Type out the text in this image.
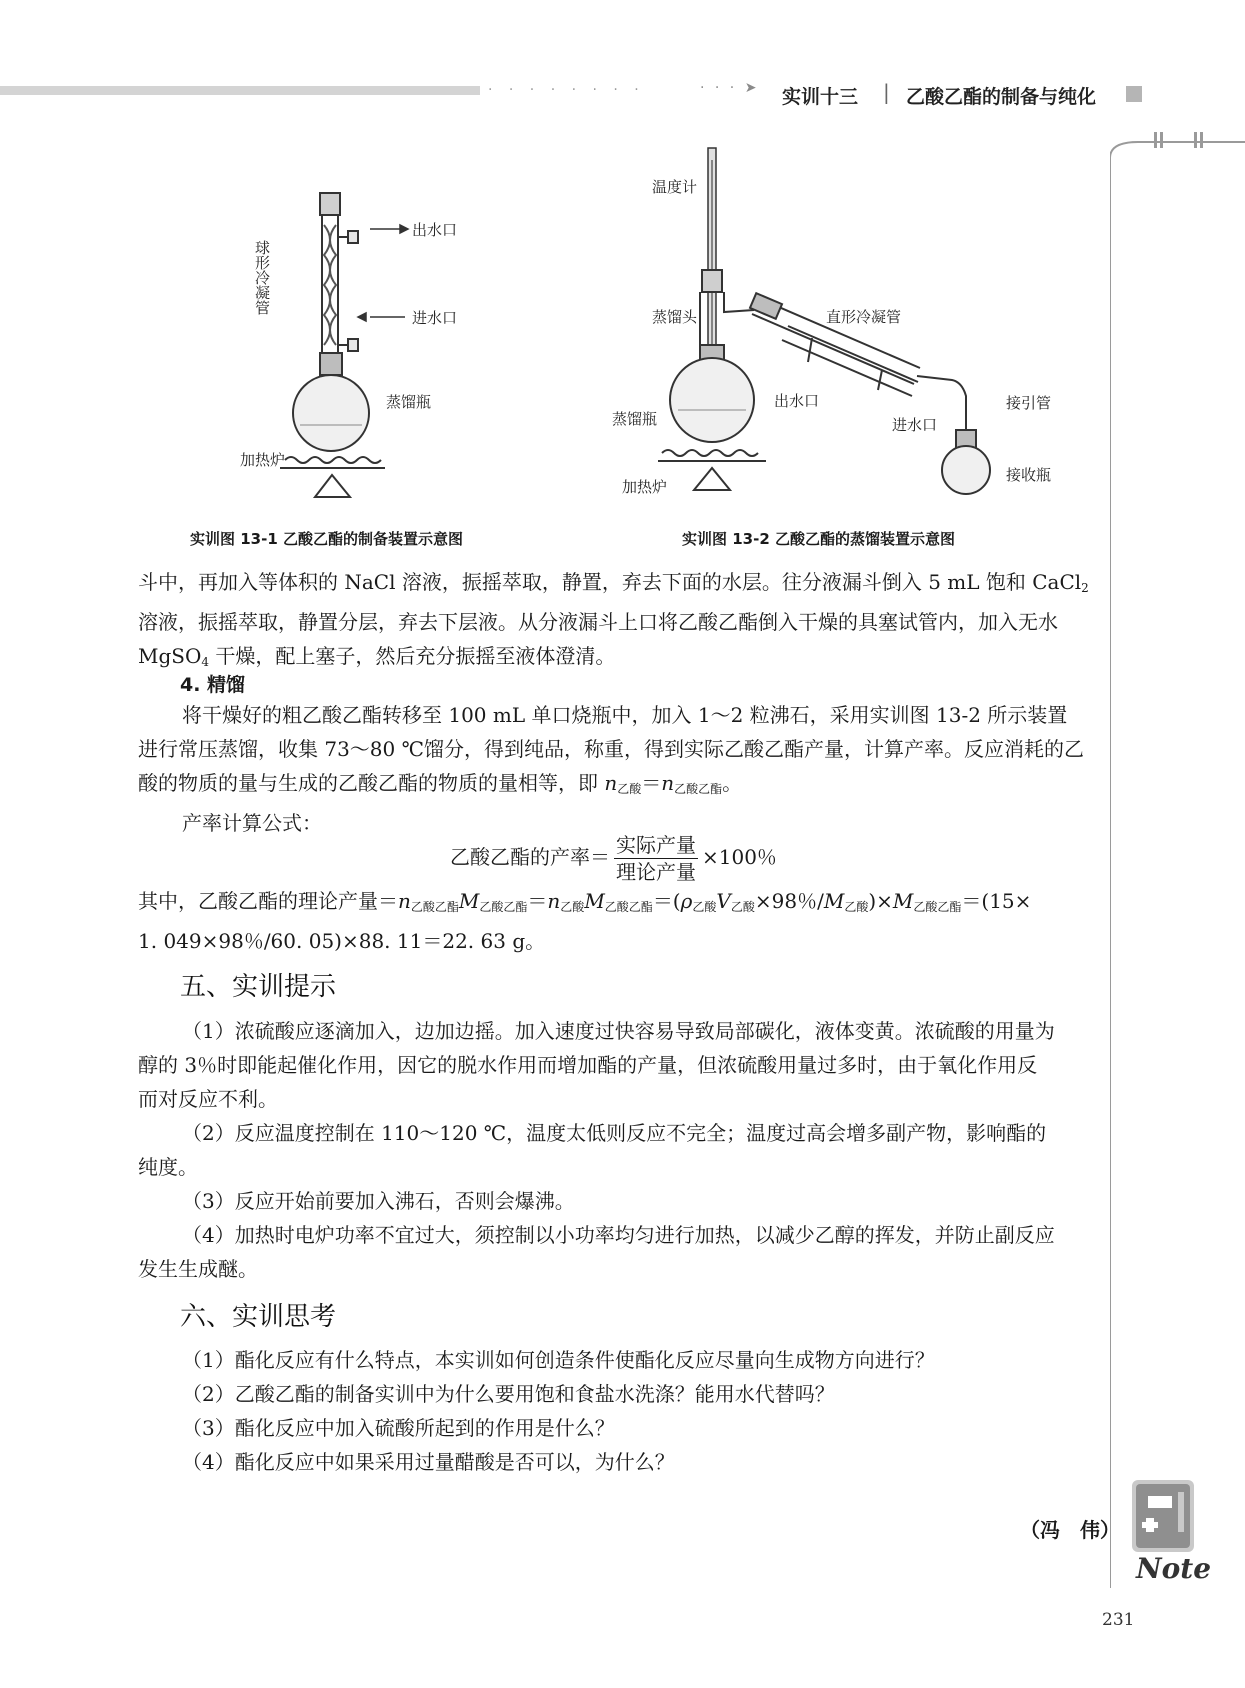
· · · · · · · ·	· · · ➤ 实训十三 | 乙酸乙酯的制备与纯化
Note
球形冷凝管
出水口
进水口
蒸馏瓶
加热炉
实训图 13-1 乙酸乙酯的制备装置示意图
温度计
蒸馏头	直形冷凝管
蒸馏瓶
出水口
进水口
接引管
接收瓶
加热炉
实训图 13-2 乙酸乙酯的蒸馏装置示意图
斗中，再加入等体积的 NaCl 溶液，振摇萃取，静置，弃去下面的水层。往分液漏斗倒入 5 mL 饱和 CaCl$_2$
溶液，振摇萃取，静置分层，弃去下层液。从分液漏斗上口将乙酸乙酯倒入干燥的具塞试管内，加入无水
MgSO$_4$ 干燥，配上塞子，然后充分振摇至液体澄清。
4. 精馏
将干燥好的粗乙酸乙酯转移至 100 mL 单口烧瓶中，加入 1～2 粒沸石，采用实训图 13-2 所示装置
进行常压蒸馏，收集 73～80 ℃馏分，得到纯品，称重，得到实际乙酸乙酯产量，计算产率。反应消耗的乙
酸的物质的量与生成的乙酸乙酯的物质的量相等，即 $n_{乙酸}=n_{乙酸乙酯}$。
产率计算公式：
乙酸乙酯的产率＝ $\frac{\text{实际产量}}{\text{理论产量}} \times 100$％
其中，乙酸乙酯的理论产量$=n_{乙酸乙酯}M_{乙酸乙酯}=n_{乙酸}M_{乙酸乙酯}=(\rho_{乙酸}V_{乙酸}\times 98$％$/M_{乙酸})\times M_{乙酸乙酯}=(15\times$
1. 049×98％/60. 05)×88. 11＝22. 63 g。
五、实训提示
（1）浓硫酸应逐滴加入，边加边摇。加入速度过快容易导致局部碳化，液体变黄。浓硫酸的用量为
醇的 3％时即能起催化作用，因它的脱水作用而增加酯的产量，但浓硫酸用量过多时，由于氧化作用反
而对反应不利。
（2）反应温度控制在 110～120 ℃，温度太低则反应不完全；温度过高会增多副产物，影响酯的
纯度。
（3）反应开始前要加入沸石，否则会爆沸。
（4）加热时电炉功率不宜过大，须控制以小功率均匀进行加热，以减少乙醇的挥发，并防止副反应
发生生成醚。
六、实训思考
（1）酯化反应有什么特点，本实训如何创造条件使酯化反应尽量向生成物方向进行？
（2）乙酸乙酯的制备实训中为什么要用饱和食盐水洗涤？能用水代替吗？
（3）酯化反应中加入硫酸所起到的作用是什么？
（4）酯化反应中如果采用过量醋酸是否可以，为什么？
（冯　伟）
231
